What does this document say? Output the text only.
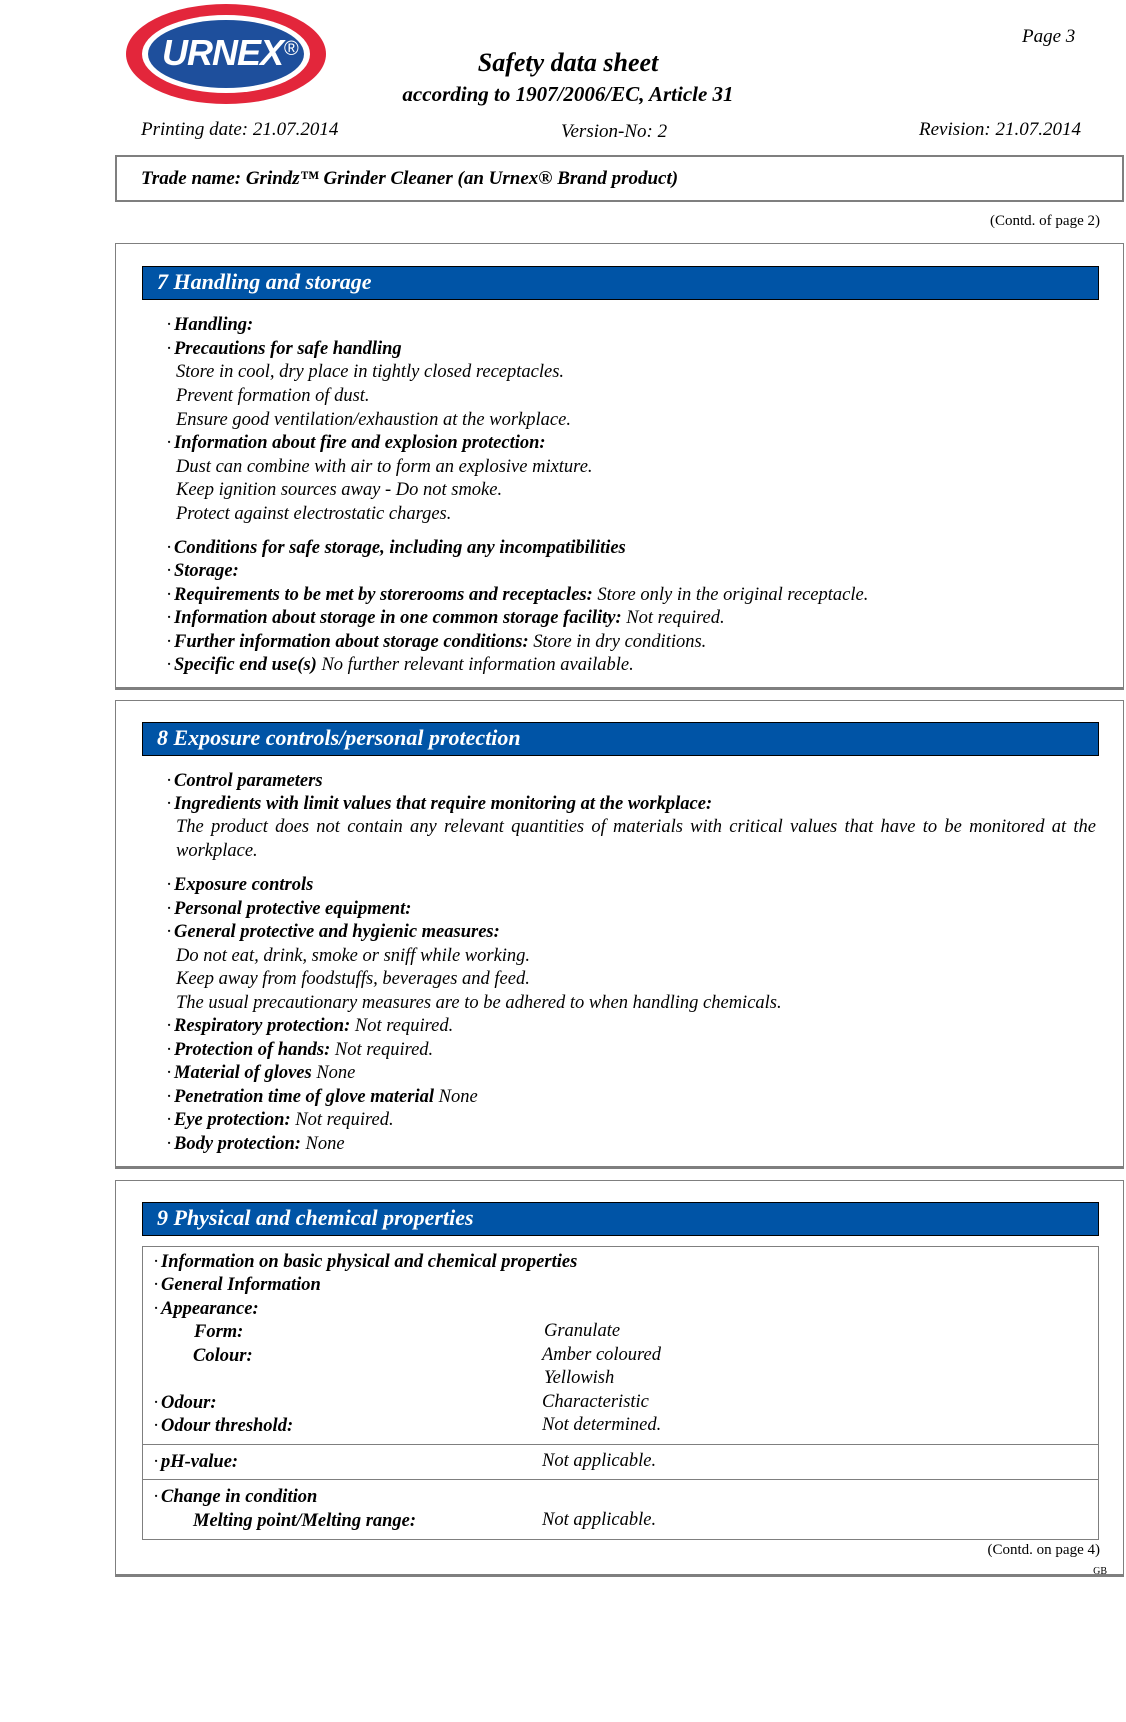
URNEX ®
Page 3
Safety data sheet
according to 1907/2006/EC, Article 31
Printing date: 21.07.2014	Version-No: 2	Revision: 21.07.2014
Trade name: Grindz™ Grinder Cleaner (an Urnex® Brand product)
(Contd. of page 2)
7 Handling and storage
·Handling:
·Precautions for safe handling
Store in cool, dry place in tightly closed receptacles.
Prevent formation of dust.
Ensure good ventilation/exhaustion at the workplace.
·Information about fire and explosion protection:
Dust can combine with air to form an explosive mixture.
Keep ignition sources away - Do not smoke.
Protect against electrostatic charges.
·Conditions for safe storage, including any incompatibilities
·Storage:
·Requirements to be met by storerooms and receptacles: Store only in the original receptacle.
·Information about storage in one common storage facility: Not required.
·Further information about storage conditions: Store in dry conditions.
·Specific end use(s) No further relevant information available.
8 Exposure controls/personal protection
·Control parameters
·Ingredients with limit values that require monitoring at the workplace:
The product does not contain any relevant quantities of materials with critical values that have to be monitored at the workplace.
·Exposure controls
·Personal protective equipment:
·General protective and hygienic measures:
Do not eat, drink, smoke or sniff while working.
Keep away from foodstuffs, beverages and feed.
The usual precautionary measures are to be adhered to when handling chemicals.
·Respiratory protection: Not required.
·Protection of hands: Not required.
·Material of gloves None
·Penetration time of glove material None
·Eye protection: Not required.
·Body protection: None
9 Physical and chemical properties
·Information on basic physical and chemical properties
·General Information
·Appearance:
Form:	Granulate
Colour:	Amber coloured
Yellowish
·Odour:	Characteristic
·Odour threshold:	Not determined.
·pH-value:	Not applicable.
·Change in condition
Melting point/Melting range:	Not applicable.
(Contd. on page 4)
GB
